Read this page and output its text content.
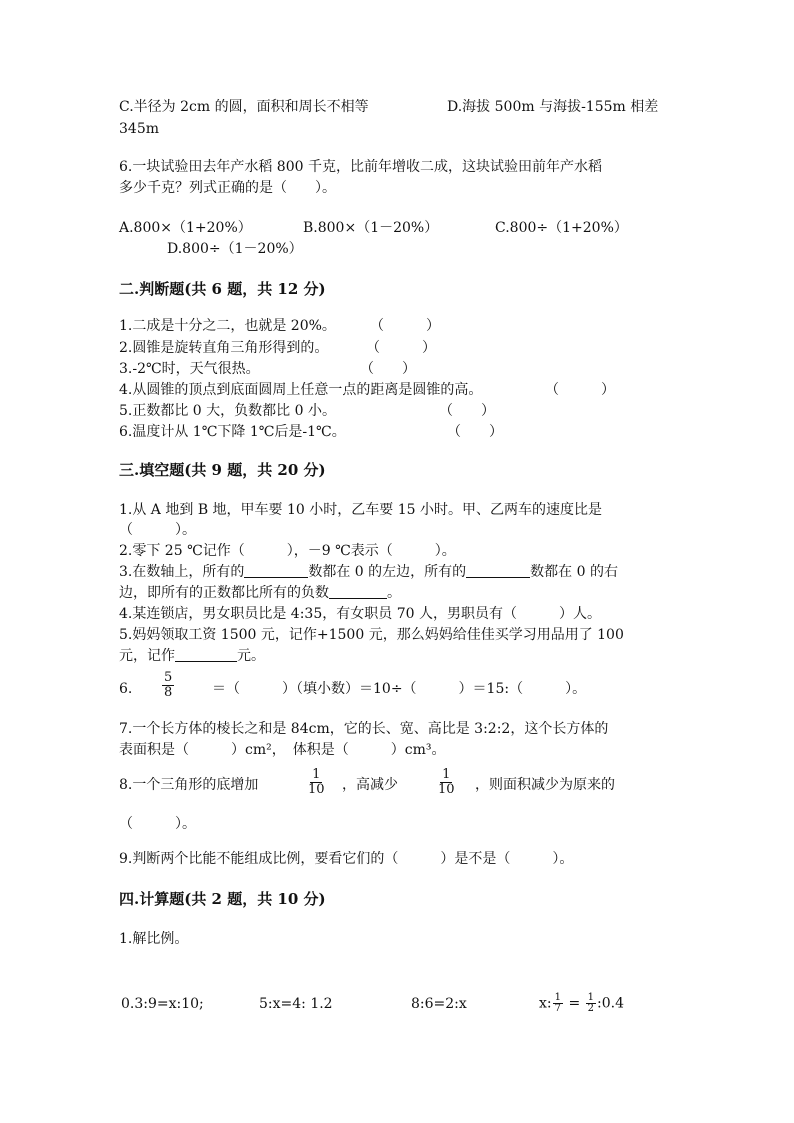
C.半径为 2cm 的圆，面积和周长不相等	D.海拔 500m 与海拔-155m 相差
345m
6.一块试验田去年产水稻 800 千克，比前年增收二成，这块试验田前年产水稻
多少千克？列式正确的是（　　）。
A.800×（1+20%）	B.800×（1－20%）	C.800÷（1+20%）
D.800÷（1－20%）
二.判断题(共 6 题，共 12 分)
1.二成是十分之二，也就是 20%。 （　　　）
2.圆锥是旋转直角三角形得到的。	（　　　）
3.-2℃时，天气很热。	（　　）
4.从圆锥的顶点到底面圆周上任意一点的距离是圆锥的高。	（　　　）
5.正数都比 0 大，负数都比 0 小。	（　　）
6.温度计从 1℃下降 1℃后是-1℃。	（　　）
三.填空题(共 9 题，共 20 分)
1.从 A 地到 B 地，甲车要 10 小时，乙车要 15 小时。甲、乙两车的速度比是
（　　　）。
2.零下 25 ℃记作（　　　），－9 ℃表示（　　　）。
3.在数轴上，所有的	数都在 0 的左边，所有的	数都在 0 的右
边，即所有的正数都比所有的负数	。
4.某连锁店，男女职员比是 4:35，有女职员 70 人，男职员有（　　　）人。
5.妈妈领取工资 1500 元，记作+1500 元，那么妈妈给佳佳买学习用品用了 100
元，记作	元。
6. $\frac{5}{8}$	＝（　　　）（填小数）＝10÷（　　　）＝15:（　　　）。
7.一个长方体的棱长之和是 84cm，它的长、宽、高比是 3:2:2，这个长方体的
表面积是（　　　）cm²，　体积是（　　　）cm³。
8.一个三角形的底增加	$\frac{1}{10}$ ，高减少	$\frac{1}{10}$ ，则面积减少为原来的
（　　　）。
9.判断两个比能不能组成比例，要看它们的（　　　）是不是（　　　）。
四.计算题(共 2 题，共 10 分)
1.解比例。
0.3:9=x:10;	5:x=4: 1.2	8:6=2:x	x: $\frac{1}{7} = \frac{1}{2}$ :0.4
